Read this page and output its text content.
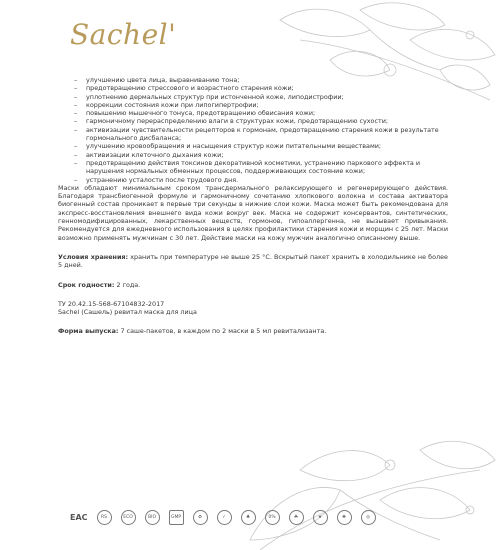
Sachel'
– улучшению цвета лица, выравниванию тона;
– предотвращению стрессового и возрастного старения кожи;
– уплотнению дермальных структур при истонченной коже, липодистрофии;
– коррекции состояния кожи при липогипертрофии;
– повышению мышечного тонуса, предотвращению обвисания кожи;
– гармоничному перераспределению влаги в структурах кожи, предотвращению сухости;
– активизации чувствительности рецепторов к гормонам, предотвращению старения кожи в результате гормонального дисбаланса;
– улучшению кровообращения и насыщения структур кожи питательными веществами;
– активизации клеточного дыхания кожи;
– предотвращению действия токсинов декоративной косметики, устранению паркового эффекта и нарушения нормальных обменных процессов, поддерживающих состояние кожи;
– устранению усталости после трудового дня.

Маски обладают минимальным сроком трансдермального релаксирующего и регенерирующего действия. Благодаря трансбиогенной формуле и гармоничному сочетанию хлопкового волокна и состава активатора биогенный состав проникает в первые три секунды в нижние слои кожи. Маска может быть рекомендована для экспресс-восстановления внешнего вида кожи вокруг век. Маска не содержит консервантов, синтетических, генномодифицированных, лекарственных веществ, гормонов, гипоаллергенна, не вызывает привыкания. Рекомендуется для ежедневного использования в целях профилактики старения кожи и морщин с 25 лет. Маски возможно применять мужчинам с 30 лет. Действие маски на кожу мужчин аналогично описанному выше.

Условия хранения: хранить при температуре не выше 25 °С. Вскрытый пакет хранить в холодильнике не более 5 дней.

Срок годности: 2 года.

ТУ 20.42.15-568-67104832-2017

Sachel (Сашель) ревитал маска для лица

Форма выпуска: 7 саше-пакетов, в каждом по 2 маски в 5 мл ревитализанта.

EAC	RS	ECO	BIO	GMP	♻	✓	♣	0%	☘	★	✚	◎
